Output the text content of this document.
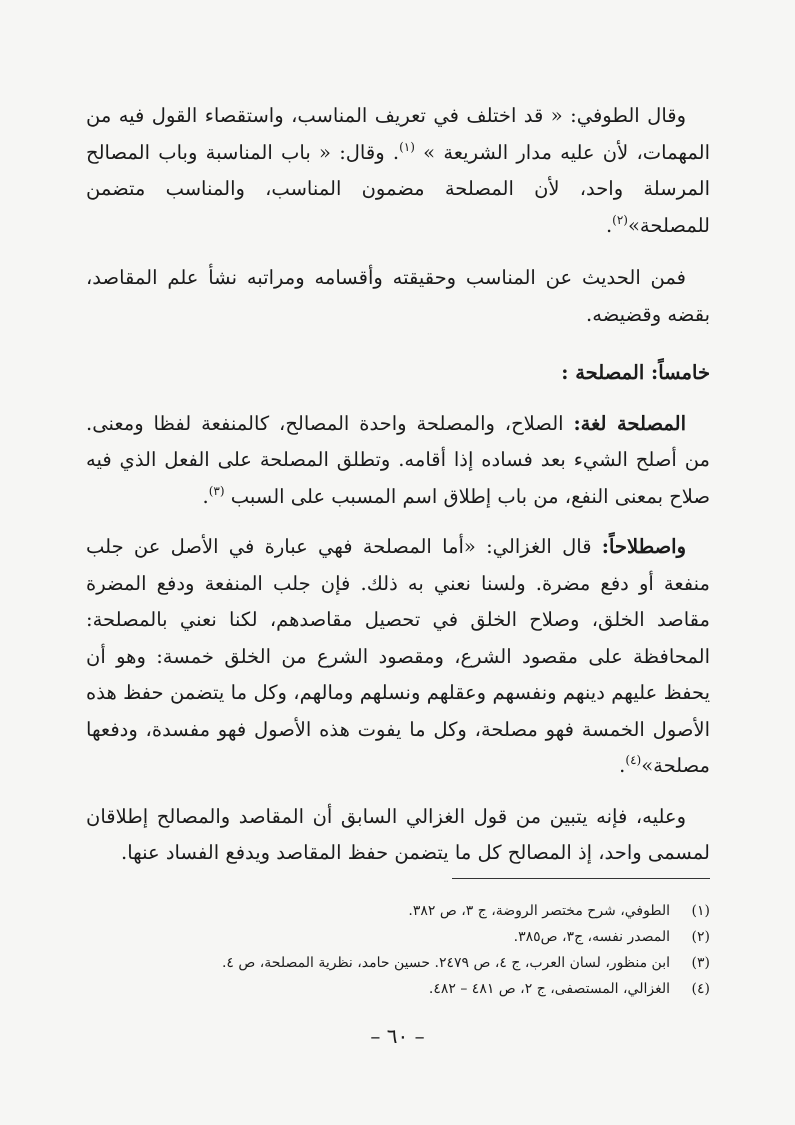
وقال الطوفي: « قد اختلف في تعريف المناسب، واستقصاء القول فيه من المهمات، لأن عليه مدار الشريعة » $^{(١)}$. وقال: « باب المناسبة وباب المصالح المرسلة واحد، لأن المصلحة مضمون المناسب، والمناسب متضمن للمصلحة»$^{(٢)}$.

فمن الحديث عن المناسب وحقيقته وأقسامه ومراتبه نشأ علم المقاصد، بقضه وقضيضه.

خامساً: المصلحة :

المصلحة لغة: الصلاح، والمصلحة واحدة المصالح، كالمنفعة لفظا ومعنى. من أصلح الشيء بعد فساده إذا أقامه. وتطلق المصلحة على الفعل الذي فيه صلاح بمعنى النفع، من باب إطلاق اسم المسبب على السبب $^{(٣)}$.

واصطلاحاً: قال الغزالي: «أما المصلحة فهي عبارة في الأصل عن جلب منفعة أو دفع مضرة. ولسنا نعني به ذلك. فإن جلب المنفعة ودفع المضرة مقاصد الخلق، وصلاح الخلق في تحصيل مقاصدهم، لكنا نعني بالمصلحة: المحافظة على مقصود الشرع، ومقصود الشرع من الخلق خمسة: وهو أن يحفظ عليهم دينهم ونفسهم وعقلهم ونسلهم وماله‍م، وكل ما يتضمن حفظ هذه الأصول الخمسة فهو مصلحة، وكل ما يفوت هذه الأصول فهو مفسدة، ودفعها مصلحة»$^{(٤)}$.

وعليه، فإنه يتبين من قول الغزالي السابق أن المقاصد والمصالح إطلاقان لمسمى واحد، إذ المصالح كل ما يتضمن حفظ المقاصد ويدفع الفساد عنها.

(١)
الطوفي، شرح مختصر الروضة، ج ٣، ص ٣٨٢.
(٢)
المصدر نفسه، ج٣، ص٣٨٥.
(٣)
ابن منظور، لسان العرب، ج ٤، ص ٢٤٧٩. حسين حامد، نظرية المصلحة، ص ٤.
(٤)
الغزالي، المستصفى، ج ٢، ص ٤٨١ – ٤٨٢.
– ٦٠ –
